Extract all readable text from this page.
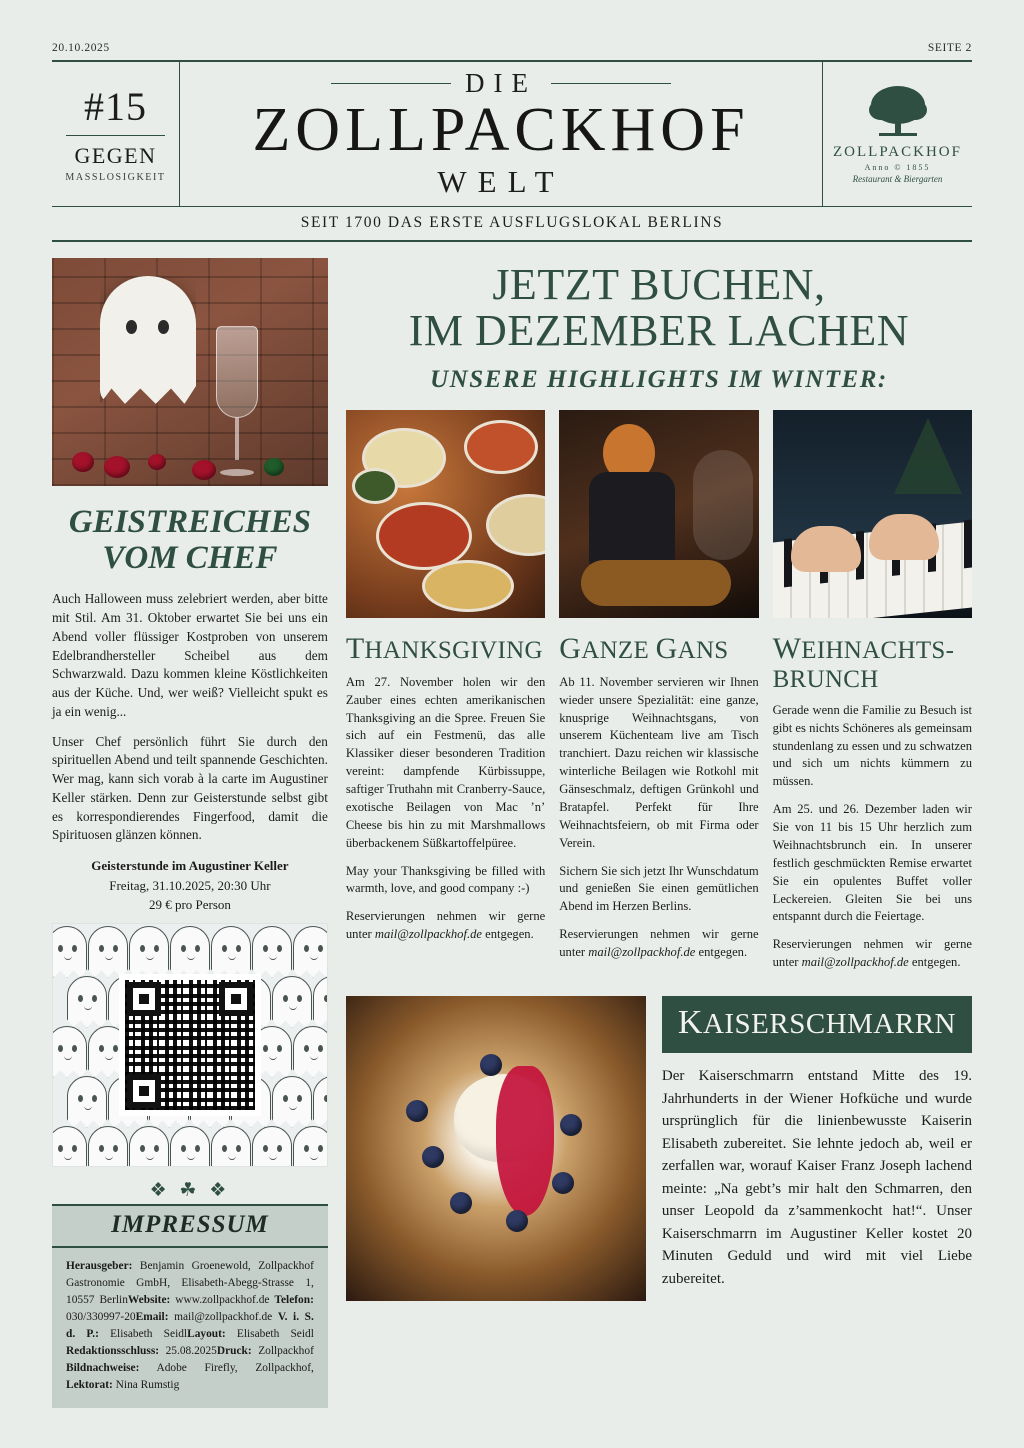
20.10.2025	SEITE 2
#15
GEGEN
MASSLOSIGKEIT
DIE
ZOLLPACKHOF
WELT
ZOLLPACKHOF
Anno © 1855
Restaurant & Biergarten
SEIT 1700 DAS ERSTE AUSFLUGSLOKAL BERLINS
GEISTREICHES VOM CHEF

Auch Halloween muss zelebriert werden, aber bitte mit Stil. Am 31. Oktober erwartet Sie bei uns ein Abend voller flüssiger Kostproben von unserem Edelbrandhersteller Scheibel aus dem Schwarzwald. Dazu kommen kleine Köstlichkeiten aus der Küche. Und, wer weiß? Vielleicht spukt es ja ein wenig...

Unser Chef persönlich führt Sie durch den spirituellen Abend und teilt spannende Geschichten. Wer mag, kann sich vorab à la carte im Augustiner Keller stärken. Denn zur Geisterstunde selbst gibt es korrespondierendes Fingerfood, damit die Spirituosen glänzen können.

Geisterstunde im Augustiner Keller
Freitag, 31.10.2025, 20:30 Uhr
29 € pro Person
❖ ☘ ❖
IMPRESSUM
Herausgeber: Benjamin Groenewold, Zollpackhof Gastronomie GmbH, Elisabeth-Abegg-Strasse 1, 10557 BerlinWebsite: www.zollpackhof.de Telefon: 030/330997-20Email: mail@zollpackhof.de V. i. S. d. P.: Elisabeth SeidlLayout: Elisabeth Seidl Redaktionsschluss: 25.08.2025Druck: Zollpackhof Bildnachweise: Adobe Firefly, Zollpackhof, Lektorat: Nina Rumstig
JETZT BUCHEN,
IM DEZEMBER LACHEN
UNSERE HIGHLIGHTS IM WINTER:
THANKSGIVING

Am 27. November holen wir den Zauber eines echten amerikanischen Thanksgiving an die Spree. Freuen Sie sich auf ein Festmenü, das alle Klassiker dieser besonderen Tradition vereint: dampfende Kürbissuppe, saftiger Truthahn mit Cranberry-Sauce, exotische Beilagen von Mac ’n’ Cheese bis hin zu mit Marshmallows überbackenem Süßkartoffelpüree.

May your Thanksgiving be filled with warmth, love, and good company :-)

Reservierungen nehmen wir gerne unter mail@zollpackhof.de entgegen.

GANZE GANS

Ab 11. November servieren wir Ihnen wieder unsere Spezialität: eine ganze, knusprige Weihnachtsgans, von unserem Küchenteam live am Tisch tranchiert. Dazu reichen wir klassische winterliche Beilagen wie Rotkohl mit Gänseschmalz, deftigen Grünkohl und Bratapfel. Perfekt für Ihre Weihnachtsfeiern, ob mit Firma oder Verein.

Sichern Sie sich jetzt Ihr Wunschdatum und genießen Sie einen gemütlichen Abend im Herzen Berlins.

Reservierungen nehmen wir gerne unter mail@zollpackhof.de entgegen.

WEIHNACHTS-BRUNCH

Gerade wenn die Familie zu Besuch ist gibt es nichts Schöneres als gemeinsam stundenlang zu essen und zu schwatzen und sich um nichts kümmern zu müssen.

Am 25. und 26. Dezember laden wir Sie von 11 bis 15 Uhr herzlich zum Weihnachtsbrunch ein. In unserer festlich geschmückten Remise erwartet Sie ein opulentes Buffet voller Leckereien. Gleiten Sie bei uns entspannt durch die Feiertage.

Reservierungen nehmen wir gerne unter mail@zollpackhof.de entgegen.

KAISERSCHMARRN
Der Kaiserschmarrn entstand Mitte des 19. Jahrhunderts in der Wiener Hofküche und wurde ursprünglich für die linienbewusste Kaiserin Elisabeth zubereitet. Sie lehnte jedoch ab, weil er zerfallen war, worauf Kaiser Franz Joseph lachend meinte: „Na gebt’s mir halt den Schmarren, den unser Leopold da z’sammenkocht hat!“. Unser Kaiserschmarrn im Augustiner Keller kostet 20 Minuten Geduld und wird mit viel Liebe zubereitet.
